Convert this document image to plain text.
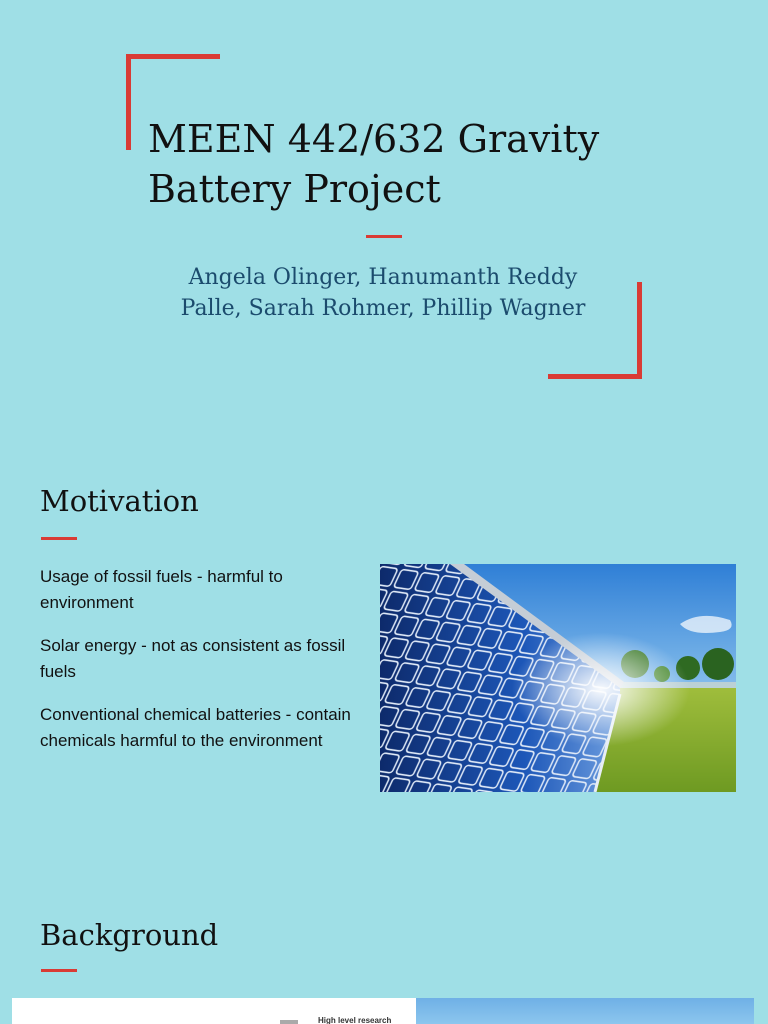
MEEN 442/632 Gravity
Battery Project
Angela Olinger, Hanumanth Reddy
Palle, Sarah Rohmer, Phillip Wagner
Motivation
Usage of fossil fuels - harmful to environment
Solar energy - not as consistent as fossil fuels
Conventional chemical batteries - contain chemicals harmful to the environment
Background
High level research
